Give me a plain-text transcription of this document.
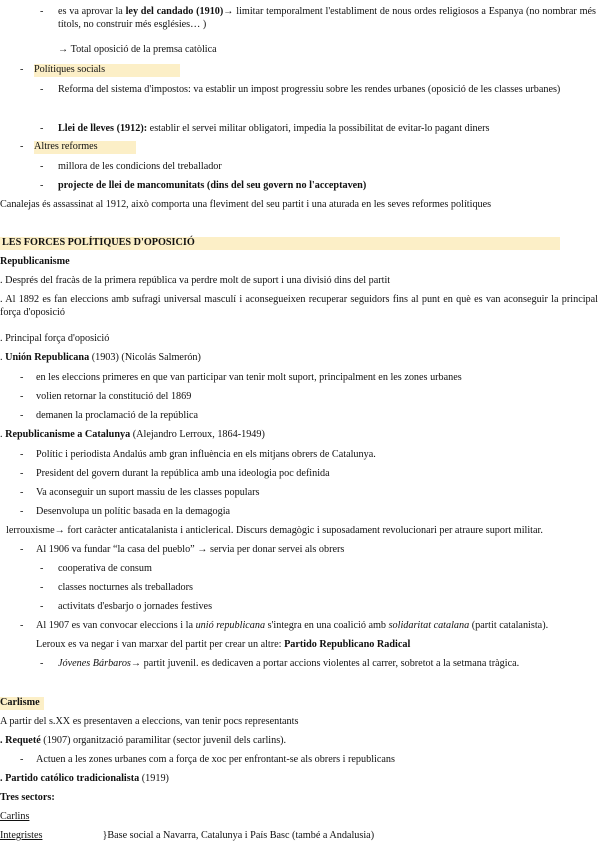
- es va aprovar la ley del candado (1910)→ limitar temporalment l'establiment de nous ordes religiosos a Espanya (no nombrar més títols, no construir més esglésies… )
→ Total oposició de la premsa catòlica
- Polítiques socials
- Reforma del sistema d'impostos: va establir un impost progressiu sobre les rendes urbanes (oposició de les classes urbanes)
- Llei de lleves (1912): establir el servei militar obligatori, impedia la possibilitat de evitar-lo pagant diners
- Altres reformes
- millora de les condicions del treballador
- projecte de llei de mancomunitats (dins del seu govern no l'acceptaven)
Canalejas és assassinat al 1912, això comporta una fleviment del seu partit i una aturada en les seves reformes polítiques
LES FORCES POLÍTIQUES D'OPOSICIÓ
Republicanisme
. Després del fracàs de la primera república va perdre molt de suport i una divisió dins del partit
. Al 1892 es fan eleccions amb sufragi universal masculí i aconsegueixen recuperar seguidors fins al punt en què es van aconseguir la principal força d'oposició
. Principal força d'oposició
. Unión Republicana (1903) (Nicolás Salmerón)
- en les eleccions primeres en que van participar van tenir molt suport, principalment en les zones urbanes
- volien retornar la constitució del 1869
- demanen la proclamació de la república
. Republicanisme a Catalunya (Alejandro Lerroux, 1864-1949)
- Polític i periodista Andalús amb gran influència en els mitjans obrers de Catalunya.
- President del govern durant la república amb una ideologia poc definida
- Va aconseguir un suport massiu de les classes populars
- Desenvolupa un polític basada en la demagogia
lerrouxisme→ fort caràcter anticatalanista i anticlerical. Discurs demagògic i suposadament revolucionari per atraure suport militar.
- Al 1906 va fundar “la casa del pueblo” → servia per donar servei als obrers
- cooperativa de consum
- classes nocturnes als treballadors
- activitats d'esbarjo o jornades festives
- Al 1907 es van convocar eleccions i la unió republicana s'integra en una coalició amb solidaritat catalana (partit catalanista).
Leroux es va negar i van marxar del partit per crear un altre: Partido Republicano Radical
- Jóvenes Bárbaros→ partit juvenil. es dedicaven a portar accions violentes al carrer, sobretot a la setmana tràgica.
Carlisme
A partir del s.XX es presentaven a eleccions, van tenir pocs representants
. Requeté (1907) organització paramilitar (sector juvenil dels carlins).
- Actuen a les zones urbanes com a força de xoc per enfrontant-se als obrers i republicans
. Partido católico tradicionalista (1919)
Tres sectors:
Carlins
Integristes	}Base social a Navarra, Catalunya i País Basc (també a Andalusia)
